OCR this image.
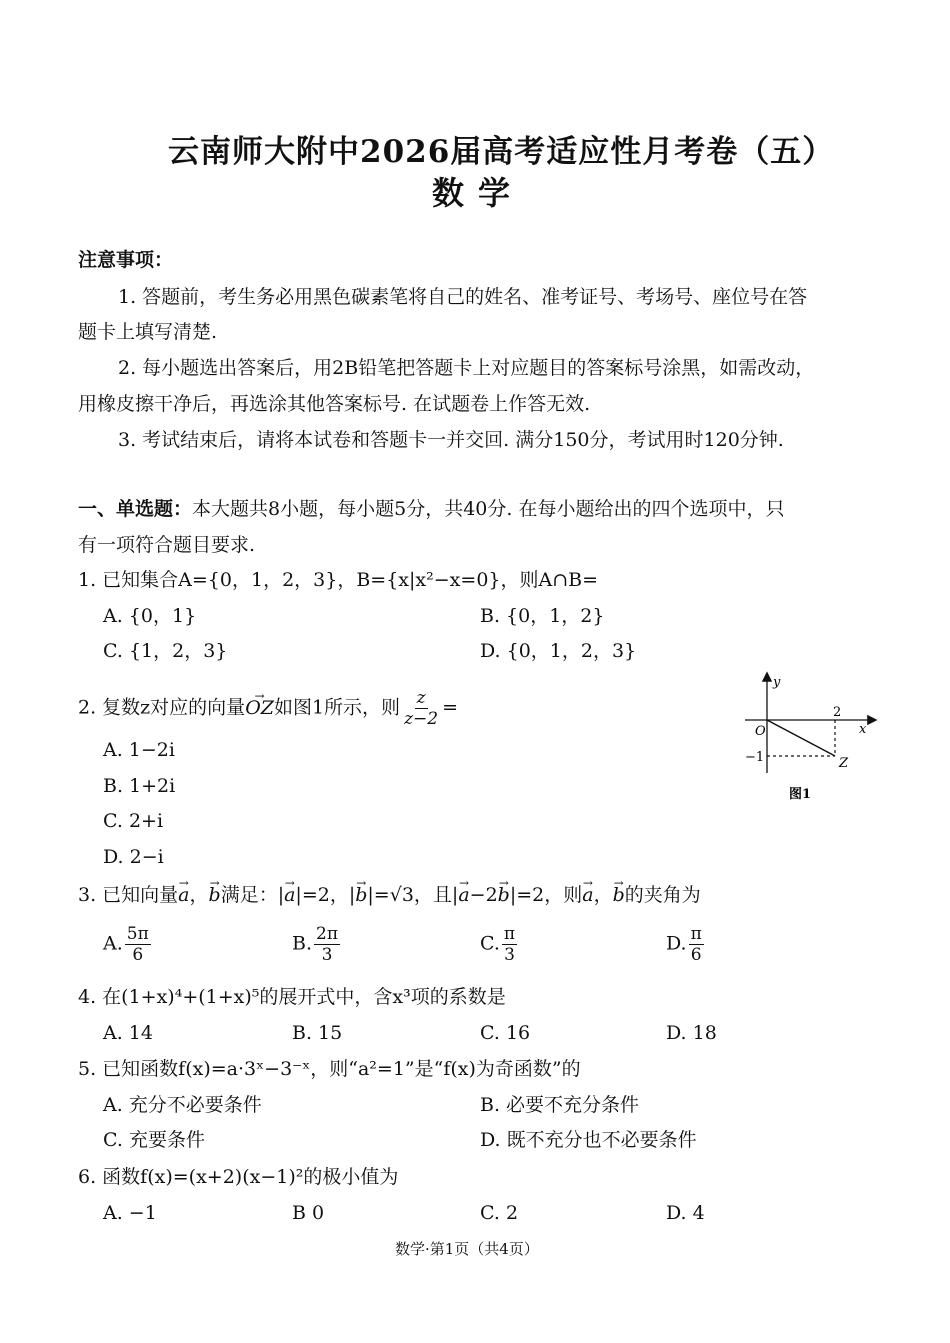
云南师大附中2026届高考适应性月考卷（五）
数学
注意事项：
1. 答题前，考生务必用黑色碳素笔将自己的姓名、准考证号、考场号、座位号在答
题卡上填写清楚.
2. 每小题选出答案后，用2B铅笔把答题卡上对应题目的答案标号涂黑，如需改动，
用橡皮擦干净后，再选涂其他答案标号. 在试题卷上作答无效.
3. 考试结束后，请将本试卷和答题卡一并交回. 满分150分，考试用时120分钟.
一、单选题：本大题共8小题，每小题5分，共40分. 在每小题给出的四个选项中，只
有一项符合题目要求.
1. 已知集合A={0，1，2，3}，B={x|x²−x=0}，则A∩B=
A. {0，1}	B. {0，1，2}
C. {1，2，3}	D. {0，1，2，3}
2. 复数z对应的向量→ OZ如图1所示，则 $\frac{z}{z-2}$ =
A. 1−2i
B. 1+2i
C. 2+i
D. 2−i
y
x
O
2
−1	Z
图1
3. 已知向量→ a，→ b满足：|→ a|=2，|→ b|=√3，且|→ a−2→ b|=2，则→ a，→ b的夹角为
A. $\frac{5\pi}{6}$	B. $\frac{2\pi}{3}$	C. $\frac{\pi}{3}$	D. $\frac{\pi}{6}$
4. 在(1+x)⁴+(1+x)⁵的展开式中，含x³项的系数是
A. 14	B. 15	C. 16	D. 18
5. 已知函数f(x)=a·3ˣ−3⁻ˣ，则“a²=1”是“f(x)为奇函数”的
A. 充分不必要条件	B. 必要不充分条件
C. 充要条件	D. 既不充分也不必要条件
6. 函数f(x)=(x+2)(x−1)²的极小值为
A. −1	B 0	C. 2	D. 4
数学·第1页（共4页）
